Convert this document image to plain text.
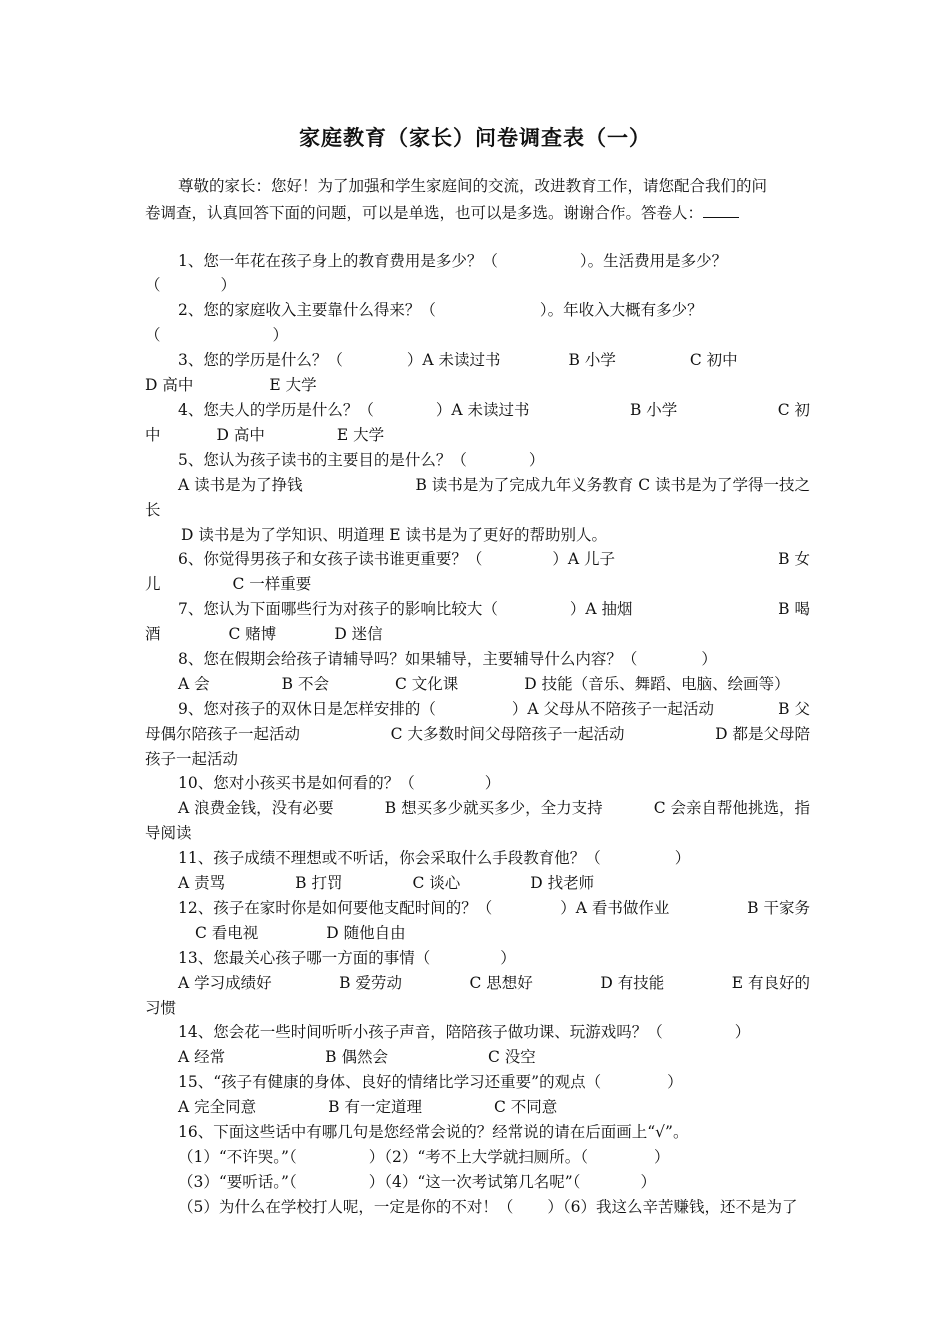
家庭教育（家长）问卷调查表（一）
尊敬的家长：您好！为了加强和学生家庭间的交流，改进教育工作，请您配合我们的问
卷调查，认真回答下面的问题，可以是单选，也可以是多选。谢谢合作。答卷人：
1、您一年花在孩子身上的教育费用是多少？（	）。生活费用是多少？
（	）
2、您的家庭收入主要靠什么得来？（	）。年收入大概有多少？
（	）
3、您的学历是什么？（	）A 未读过书	B 小学	C 初中
D 高中	E 大学
4、您夫人的学历是什么？（	）A 未读过书	B 小学	C 初
中	D 高中	E 大学
5、您认为孩子读书的主要目的是什么？（	）
A 读书是为了挣钱	B 读书是为了完成九年义务教育 C 读书是为了学得一技之
长
D 读书是为了学知识、明道理 E 读书是为了更好的帮助别人。
6、你觉得男孩子和女孩子读书谁更重要？（	）A 儿子	B 女
儿	C 一样重要
7、您认为下面哪些行为对孩子的影响比较大（	）A 抽烟	B 喝
酒	C 赌博	D 迷信
8、您在假期会给孩子请辅导吗？如果辅导，主要辅导什么内容？（	）
A 会	B 不会	C 文化课	D 技能（音乐、舞蹈、电脑、绘画等）
9、您对孩子的双休日是怎样安排的（	）A 父母从不陪孩子一起活动	B 父
母偶尔陪孩子一起活动	C 大多数时间父母陪孩子一起活动	D 都是父母陪
孩子一起活动
10、您对小孩买书是如何看的？（	）
A 浪费金钱，没有必要	B 想买多少就买多少，全力支持	C 会亲自帮他挑选，指
导阅读
11、孩子成绩不理想或不听话，你会采取什么手段教育他？（	）
A 责骂	B 打罚	C 谈心	D 找老师
12、孩子在家时你是如何要他支配时间的？（	）A 看书做作业	B 干家务
C 看电视	D 随他自由
13、您最关心孩子哪一方面的事情（	）
A 学习成绩好	B 爱劳动	C 思想好	D 有技能	E 有良好的
习惯
14、您会花一些时间听听小孩子声音，陪陪孩子做功课、玩游戏吗？（	）
A 经常	B 偶然会	C 没空
15、“孩子有健康的身体、良好的情绪比学习还重要”的观点（	）
A 完全同意	B 有一定道理	C 不同意
16、下面这些话中有哪几句是您经常会说的？经常说的请在后面画上“√”。
（1）“不许哭。”（	）（2）“考不上大学就扫厕所。（	）
（3）“要听话。”（	）（4）“这一次考试第几名呢”（	）
（5）为什么在学校打人呢，一定是你的不对！（ ）（6）我这么辛苦赚钱，还不是为了
